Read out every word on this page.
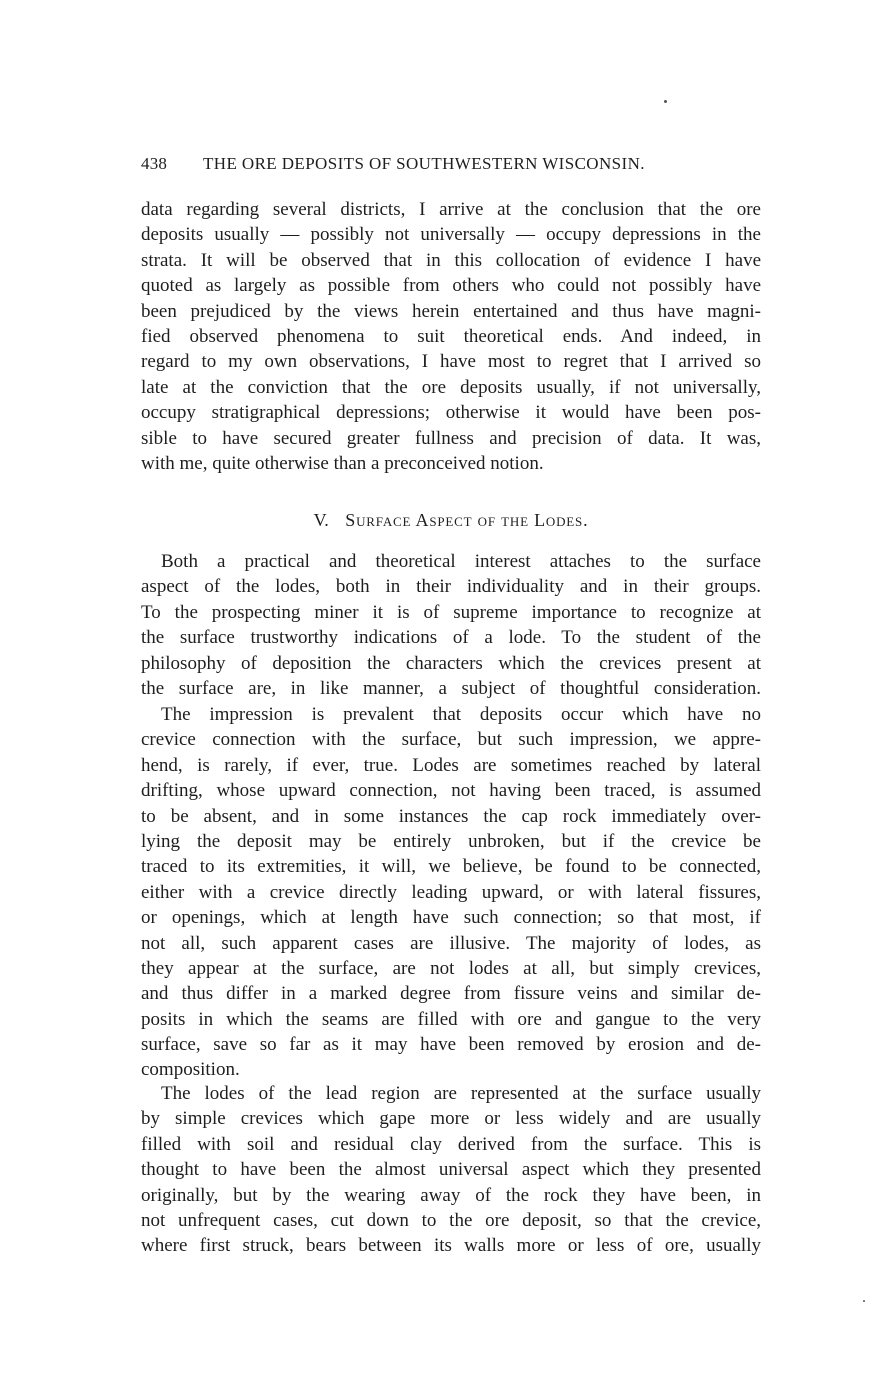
438 THE ORE DEPOSITS OF SOUTHWESTERN WISCONSIN.
data regarding several districts, I arrive at the conclusion that the ore
deposits usually — possibly not universally — occupy depressions in the
strata. It will be observed that in this collocation of evidence I have
quoted as largely as possible from others who could not possibly have
been prejudiced by the views herein entertained and thus have magni-
fied observed phenomena to suit theoretical ends. And indeed, in
regard to my own observations, I have most to regret that I arrived so
late at the conviction that the ore deposits usually, if not universally,
occupy stratigraphical depressions; otherwise it would have been pos-
sible to have secured greater fullness and precision of data. It was,
with me, quite otherwise than a preconceived notion.
V. Surface Aspect of the Lodes.
Both a practical and theoretical interest attaches to the surface
aspect of the lodes, both in their individuality and in their groups.
To the prospecting miner it is of supreme importance to recognize at
the surface trustworthy indications of a lode. To the student of the
philosophy of deposition the characters which the crevices present at
the surface are, in like manner, a subject of thoughtful consideration.
The impression is prevalent that deposits occur which have no
crevice connection with the surface, but such impression, we appre-
hend, is rarely, if ever, true. Lodes are sometimes reached by lateral
drifting, whose upward connection, not having been traced, is assumed
to be absent, and in some instances the cap rock immediately over-
lying the deposit may be entirely unbroken, but if the crevice be
traced to its extremities, it will, we believe, be found to be connected,
either with a crevice directly leading upward, or with lateral fissures,
or openings, which at length have such connection; so that most, if
not all, such apparent cases are illusive. The majority of lodes, as
they appear at the surface, are not lodes at all, but simply crevices,
and thus differ in a marked degree from fissure veins and similar de-
posits in which the seams are filled with ore and gangue to the very
surface, save so far as it may have been removed by erosion and de-
composition.
The lodes of the lead region are represented at the surface usually
by simple crevices which gape more or less widely and are usually
filled with soil and residual clay derived from the surface. This is
thought to have been the almost universal aspect which they presented
originally, but by the wearing away of the rock they have been, in
not unfrequent cases, cut down to the ore deposit, so that the crevice,
where first struck, bears between its walls more or less of ore, usually
